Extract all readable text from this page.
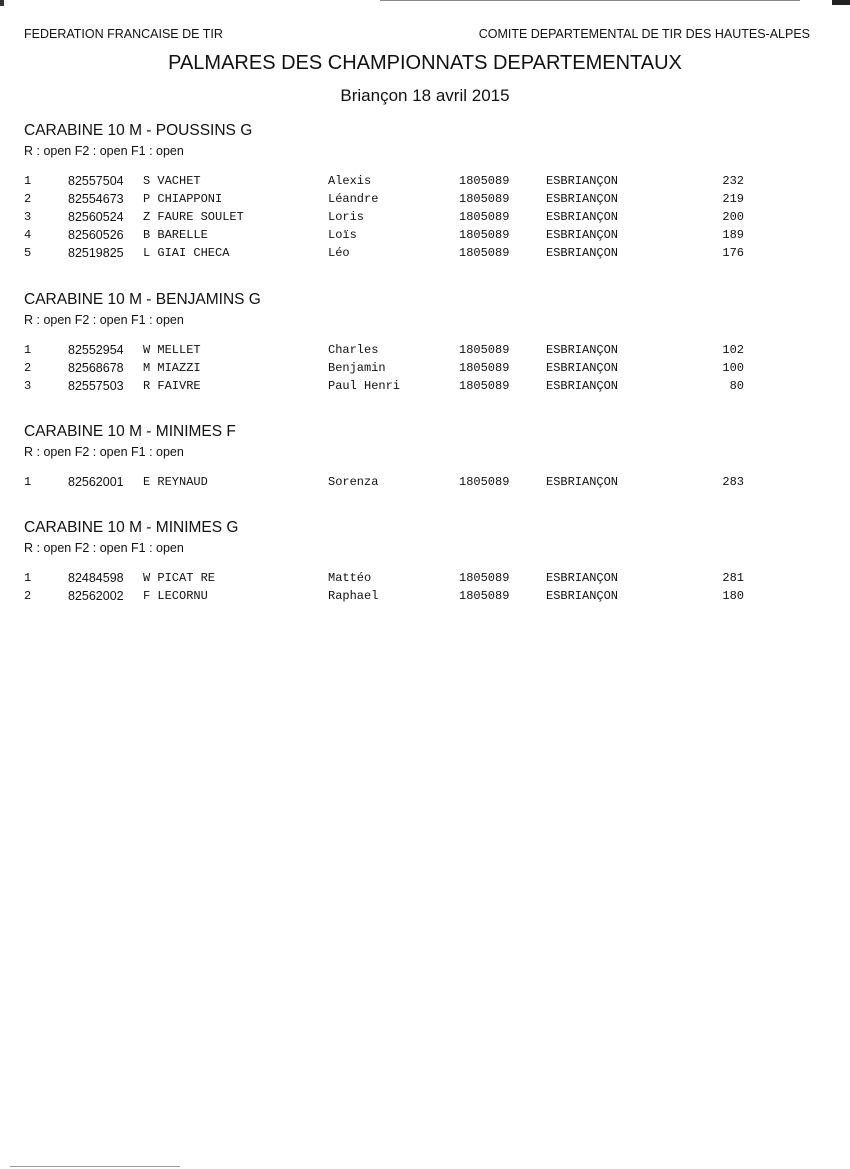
FEDERATION FRANCAISE DE TIR	COMITE DEPARTEMENTAL DE TIR DES HAUTES-ALPES
PALMARES DES CHAMPIONNATS DEPARTEMENTAUX
Briançon 18 avril 2015
CARABINE 10 M - POUSSINS G
R : open F2 : open F1 : open
1	82557504 S VACHET	Alexis	1805089	ESBRIANÇON	232
2	82554673 P CHIAPPONI	Léandre	1805089	ESBRIANÇON	219
3	82560524 Z FAURE SOULET	Loris	1805089	ESBRIANÇON	200
4	82560526 B BARELLE	Loïs	1805089	ESBRIANÇON	189
5	82519825 L GIAI CHECA	Léo	1805089	ESBRIANÇON	176
CARABINE 10 M - BENJAMINS G
R : open F2 : open F1 : open
1	82552954 W MELLET	Charles	1805089	ESBRIANÇON	102
2	82568678 M MIAZZI	Benjamin	1805089	ESBRIANÇON	100
3	82557503 R FAIVRE	Paul Henri	1805089	ESBRIANÇON	80
CARABINE 10 M - MINIMES F
R : open F2 : open F1 : open
1	82562001 E REYNAUD	Sorenza	1805089	ESBRIANÇON	283
CARABINE 10 M - MINIMES G
R : open F2 : open F1 : open
1	82484598 W PICAT RE	Mattéo	1805089	ESBRIANÇON	281
2	82562002 F LECORNU	Raphael	1805089	ESBRIANÇON	180
